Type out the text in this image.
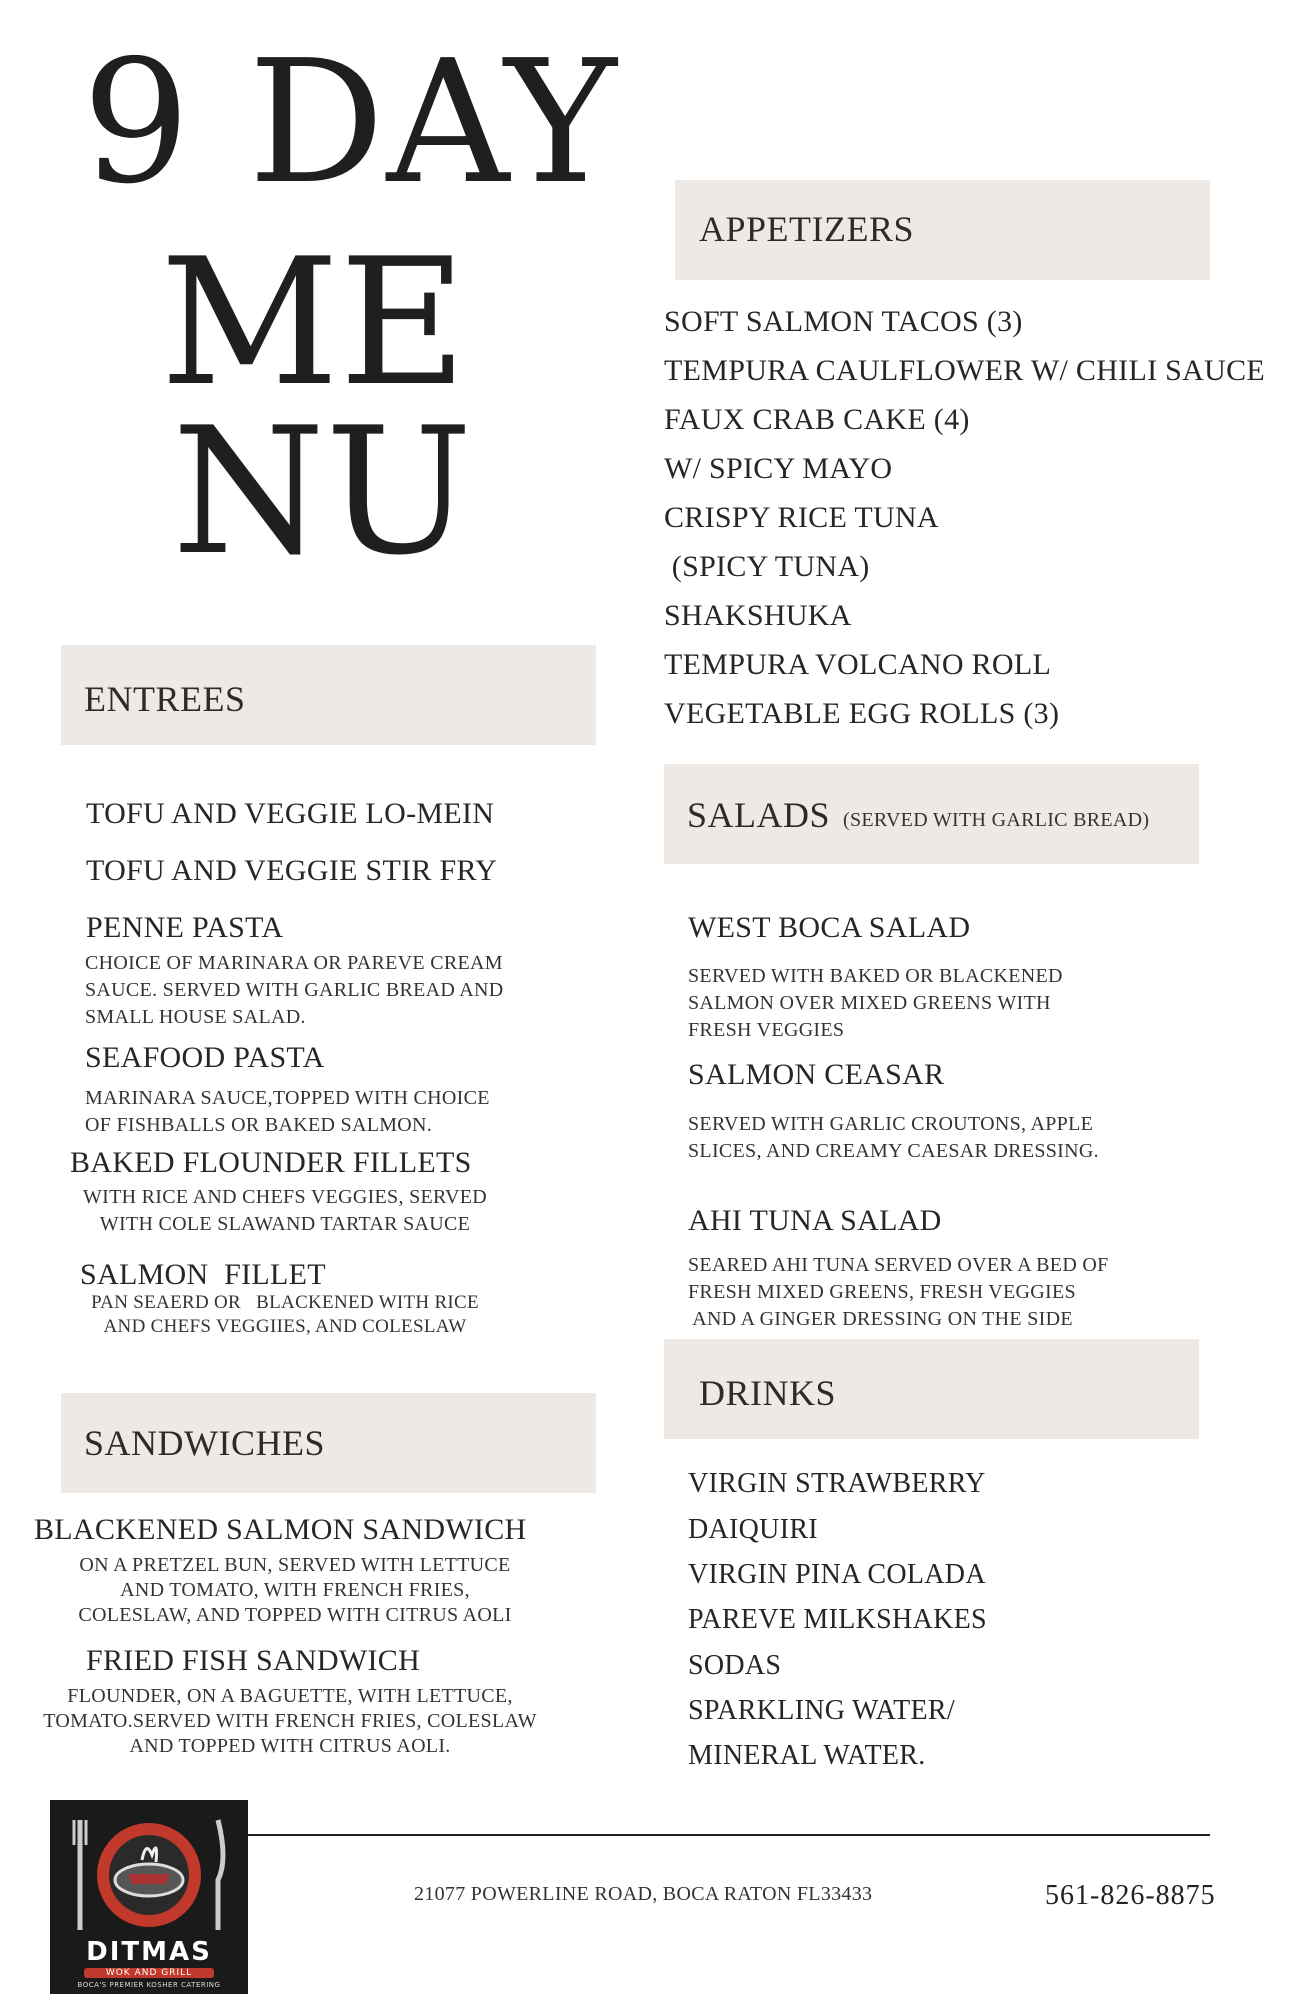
9 DAY
ME
NU
APPETIZERS
SOFT SALMON TACOS (3)
TEMPURA CAULFLOWER W/ CHILI SAUCE
FAUX CRAB CAKE (4)
W/ SPICY MAYO
CRISPY RICE TUNA
(SPICY TUNA)
SHAKSHUKA
TEMPURA VOLCANO ROLL
VEGETABLE EGG ROLLS (3)
ENTREES
TOFU AND VEGGIE LO-MEIN
TOFU AND VEGGIE STIR FRY
PENNE PASTA
CHOICE OF MARINARA OR PAREVE CREAM
SAUCE. SERVED WITH GARLIC BREAD AND
SMALL HOUSE SALAD.
SEAFOOD PASTA
MARINARA SAUCE,TOPPED WITH CHOICE
OF FISHBALLS OR BAKED SALMON.
BAKED FLOUNDER FILLETS
WITH RICE AND CHEFS VEGGIES, SERVED
WITH COLE SLAWAND TARTAR SAUCE
SALMON  FILLET
PAN SEAERD OR   BLACKENED WITH RICE
AND CHEFS VEGGIIES, AND COLESLAW
SALADS (SERVED WITH GARLIC BREAD)
WEST BOCA SALAD
SERVED WITH BAKED OR BLACKENED
SALMON OVER MIXED GREENS WITH
FRESH VEGGIES
SALMON CEASAR
SERVED WITH GARLIC CROUTONS, APPLE
SLICES, AND CREAMY CAESAR DRESSING.
AHI TUNA SALAD
SEARED AHI TUNA SERVED OVER A BED OF
FRESH MIXED GREENS, FRESH VEGGIES
AND A GINGER DRESSING ON THE SIDE
DRINKS
VIRGIN STRAWBERRY
DAIQUIRI
VIRGIN PINA COLADA
PAREVE MILKSHAKES
SODAS
SPARKLING WATER/
MINERAL WATER.
SANDWICHES
BLACKENED SALMON SANDWICH
ON A PRETZEL BUN, SERVED WITH LETTUCE
AND TOMATO, WITH FRENCH FRIES,
COLESLAW, AND TOPPED WITH CITRUS AOLI
FRIED FISH SANDWICH
FLOUNDER, ON A BAGUETTE, WITH LETTUCE,
TOMATO.SERVED WITH FRENCH FRIES, COLESLAW
AND TOPPED WITH CITRUS AOLI.
21077 POWERLINE ROAD, BOCA RATON FL33433	561-826-8875
DITMAS
WOK AND GRILL
BOCA'S PREMIER KOSHER CATERING
